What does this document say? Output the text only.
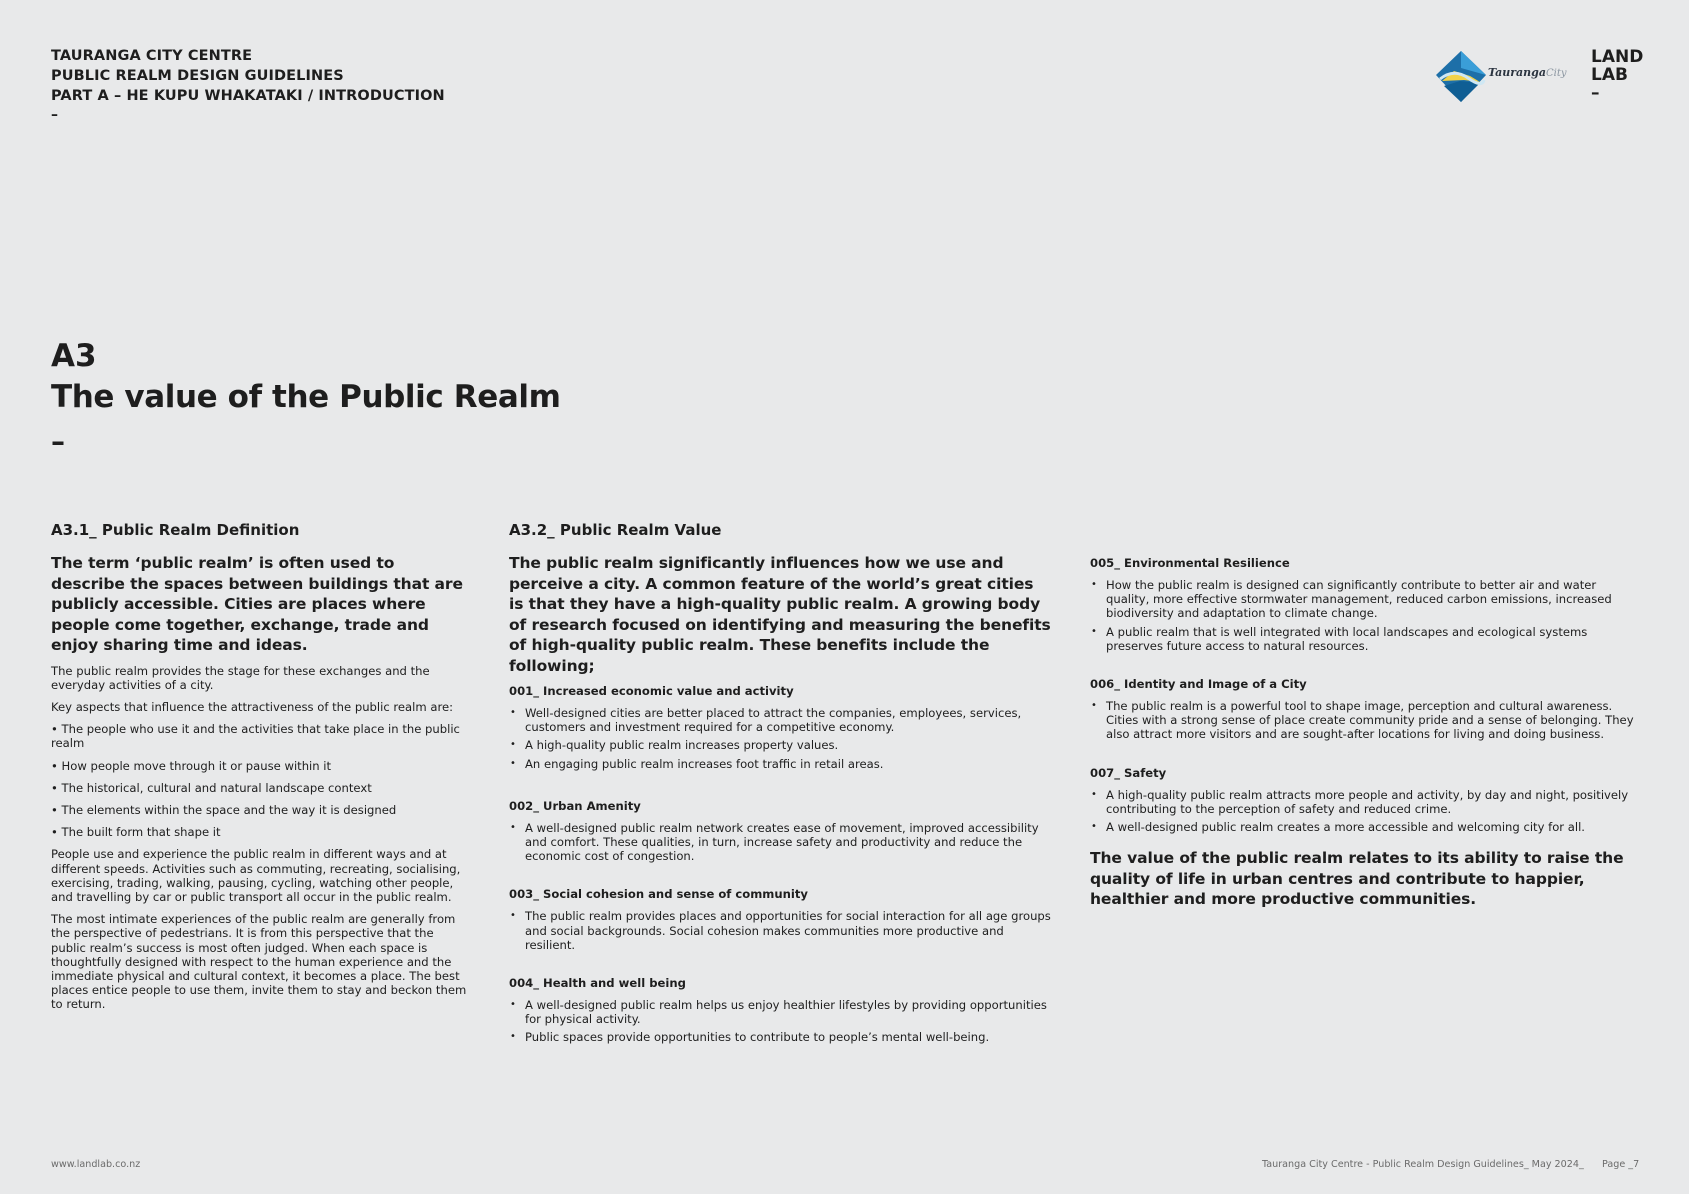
TAURANGA CITY CENTRE

PUBLIC REALM DESIGN GUIDELINES

PART A – HE KUPU WHAKATAKI / INTRODUCTION

–
TaurangaCity
LAND
LAB
–
A3
The value of the Public Realm
–
A3.1_ Public Realm Definition

The term ‘public realm’ is often used to describe the spaces between buildings that are publicly accessible. Cities are places where people come together, exchange, trade and enjoy sharing time and ideas.

The public realm provides the stage for these exchanges and the everyday activities of a city.

Key aspects that influence the attractiveness of the public realm are:

• The people who use it and the activities that take place in the public realm

• How people move through it or pause within it

• The historical, cultural and natural landscape context

• The elements within the space and the way it is designed

• The built form that shape it

People use and experience the public realm in different ways and at different speeds. Activities such as commuting, recreating, socialising, exercising, trading, walking, pausing, cycling, watching other people, and travelling by car or public transport all occur in the public realm.

The most intimate experiences of the public realm are generally from the perspective of pedestrians. It is from this perspective that the public realm’s success is most often judged. When each space is thoughtfully designed with respect to the human experience and the immediate physical and cultural context, it becomes a place. The best places entice people to use them, invite them to stay and beckon them to return.

A3.2_ Public Realm Value

The public realm significantly influences how we use and perceive a city. A common feature of the world’s great cities is that they have a high-quality public realm. A growing body of research focused on identifying and measuring the benefits of high-quality public realm. These benefits include the following;

001_ Increased economic value and activity

• Well-designed cities are better placed to attract the companies, employees, services, customers and investment required for a competitive economy.
• A high-quality public realm increases property values.
• An engaging public realm increases foot traffic in retail areas.

002_ Urban Amenity

• A well-designed public realm network creates ease of movement, improved accessibility and comfort. These qualities, in turn, increase safety and productivity and reduce the economic cost of congestion.

003_ Social cohesion and sense of community

• The public realm provides places and opportunities for social interaction for all age groups and social backgrounds. Social cohesion makes communities more productive and resilient.

004_ Health and well being

• A well-designed public realm helps us enjoy healthier lifestyles by providing opportunities for physical activity.
• Public spaces provide opportunities to contribute to people’s mental well-being.

005_ Environmental Resilience

• How the public realm is designed can significantly contribute to better air and water quality, more effective stormwater management, reduced carbon emissions, increased biodiversity and adaptation to climate change.
• A public realm that is well integrated with local landscapes and ecological systems preserves future access to natural resources.

006_ Identity and Image of a City

• The public realm is a powerful tool to shape image, perception and cultural awareness. Cities with a strong sense of place create community pride and a sense of belonging. They also attract more visitors and are sought-after locations for living and doing business.

007_ Safety

• A high-quality public realm attracts more people and activity, by day and night, positively contributing to the perception of safety and reduced crime.
• A well-designed public realm creates a more accessible and welcoming city for all.

The value of the public realm relates to its ability to raise the quality of life in urban centres and contribute to happier, healthier and more productive communities.

www.landlab.co.nz	Tauranga City Centre - Public Realm Design Guidelines_ May 2024_ Page _7
